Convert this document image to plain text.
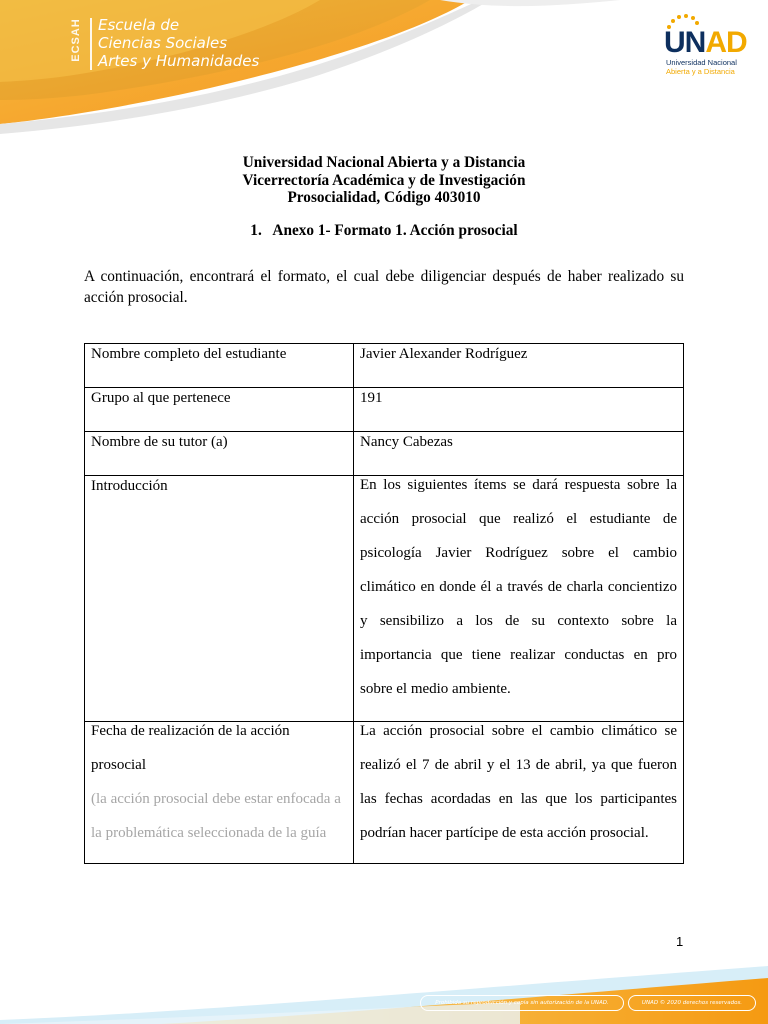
ECSAH Escuela de
Ciencias Sociales
Artes y Humanidades
UNAD
Universidad Nacional
Abierta y a Distancia
Universidad Nacional Abierta y a Distancia
Vicerrectoría Académica y de Investigación
Prosocialidad, Código 403010
1.   Anexo 1- Formato 1. Acción prosocial
A continuación, encontrará el formato, el cual debe diligenciar después de haber realizado su acción prosocial.
Nombre completo del estudiante	Javier Alexander Rodríguez

Grupo al que pertenece	191

Nombre de su tutor (a)	Nancy Cabezas

Introducción	En los siguientes ítems se dará respuesta sobre la acción prosocial que realizó el estudiante de psicología Javier Rodríguez sobre el cambio climático en donde él a través de charla concientizo y sensibilizo a los de su contexto sobre la importancia que tiene realizar conductas en pro sobre el medio ambiente.

Fecha de realización de la acción prosocial
(la acción prosocial debe estar enfocada a la problemática seleccionada de la guía	La acción prosocial sobre el cambio climático se realizó el 7 de abril y el 13 de abril, ya que fueron las fechas acordadas en las que los participantes podrían hacer partícipe de esta acción prosocial.
1
Prohibida su reproducción y copia sin autorización de la UNAD.	UNAD © 2020 derechos reservados.
